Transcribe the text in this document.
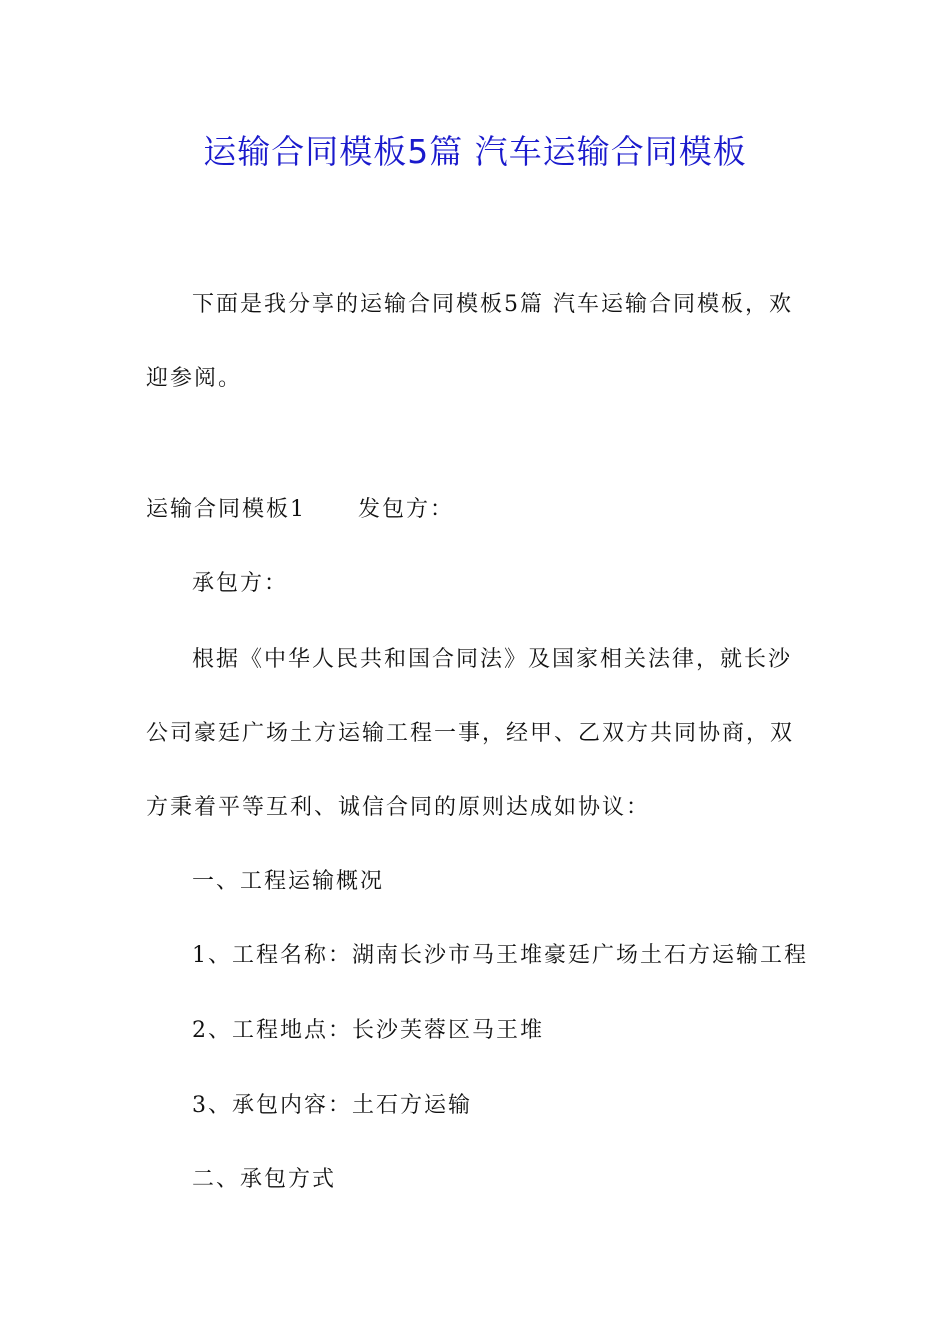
运输合同模板5篇 汽车运输合同模板

下面是我分享的运输合同模板5篇 汽车运输合同模板，欢迎参阅。

运输合同模板1 发包方：
承包方：
根据《中华人民共和国合同法》及国家相关法律，就长沙
公司豪廷广场土方运输工程一事，经甲、乙双方共同协商，双
方秉着平等互利、诚信合同的原则达成如协议：
一、工程运输概况
1、工程名称：湖南长沙市马王堆豪廷广场土石方运输工程
2、工程地点：长沙芙蓉区马王堆
3、承包内容：土石方运输
二、承包方式
